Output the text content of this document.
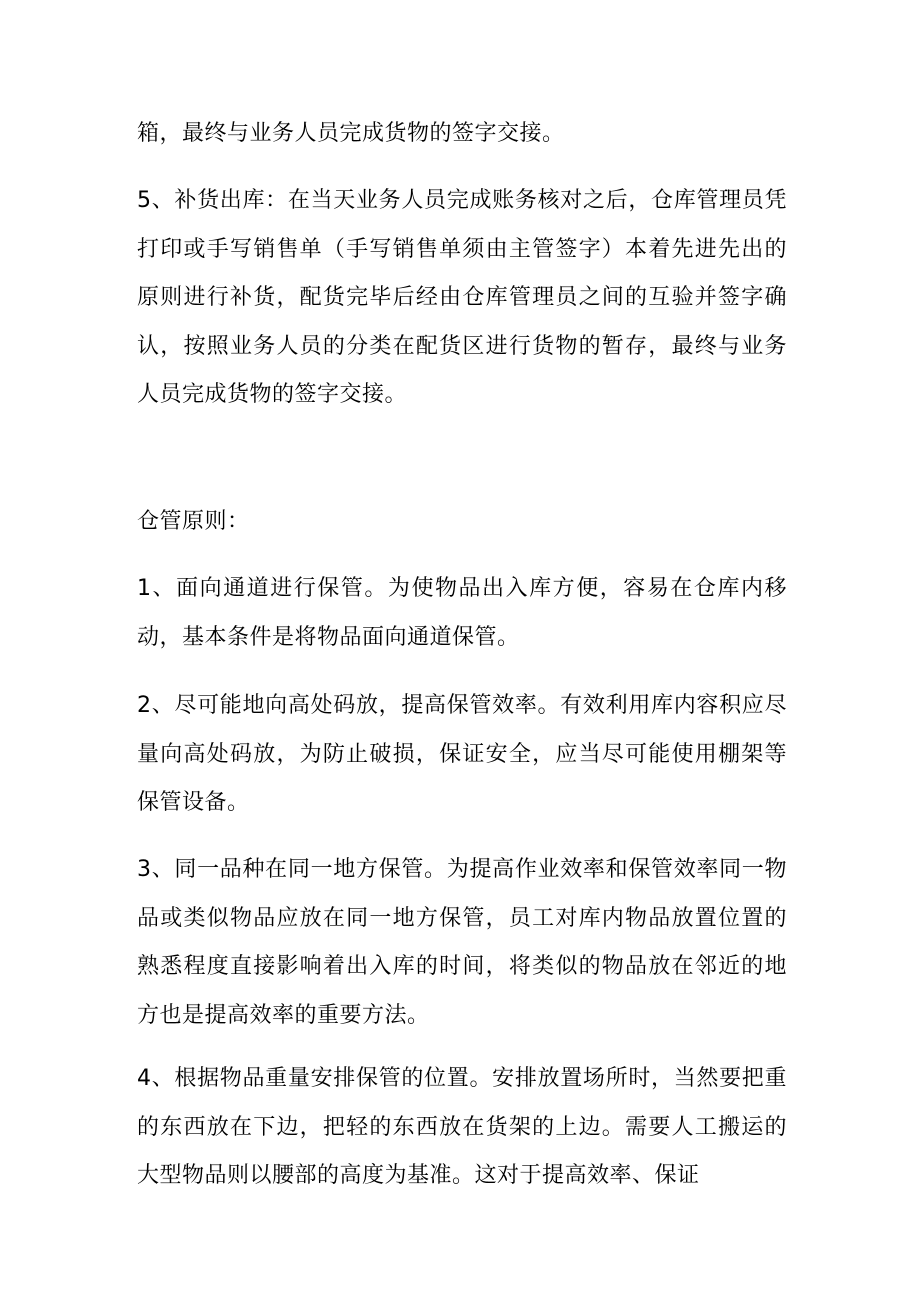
箱，最终与业务人员完成货物的签字交接。

5、补货出库：在当天业务人员完成账务核对之后，仓库管理员凭打印或手写销售单（手写销售单须由主管签字）本着先进先出的原则进行补货，配货完毕后经由仓库管理员之间的互验并签字确认，按照业务人员的分类在配货区进行货物的暂存，最终与业务人员完成货物的签字交接。

仓管原则：

1、面向通道进行保管。为使物品出入库方便，容易在仓库内移动，基本条件是将物品面向通道保管。

2、尽可能地向高处码放，提高保管效率。有效利用库内容积应尽量向高处码放，为防止破损，保证安全，应当尽可能使用棚架等保管设备。

3、同一品种在同一地方保管。为提高作业效率和保管效率同一物品或类似物品应放在同一地方保管，员工对库内物品放置位置的熟悉程度直接影响着出入库的时间，将类似的物品放在邻近的地方也是提高效率的重要方法。

4、根据物品重量安排保管的位置。安排放置场所时，当然要把重的东西放在下边，把轻的东西放在货架的上边。需要人工搬运的大型物品则以腰部的高度为基准。这对于提高效率、保证
